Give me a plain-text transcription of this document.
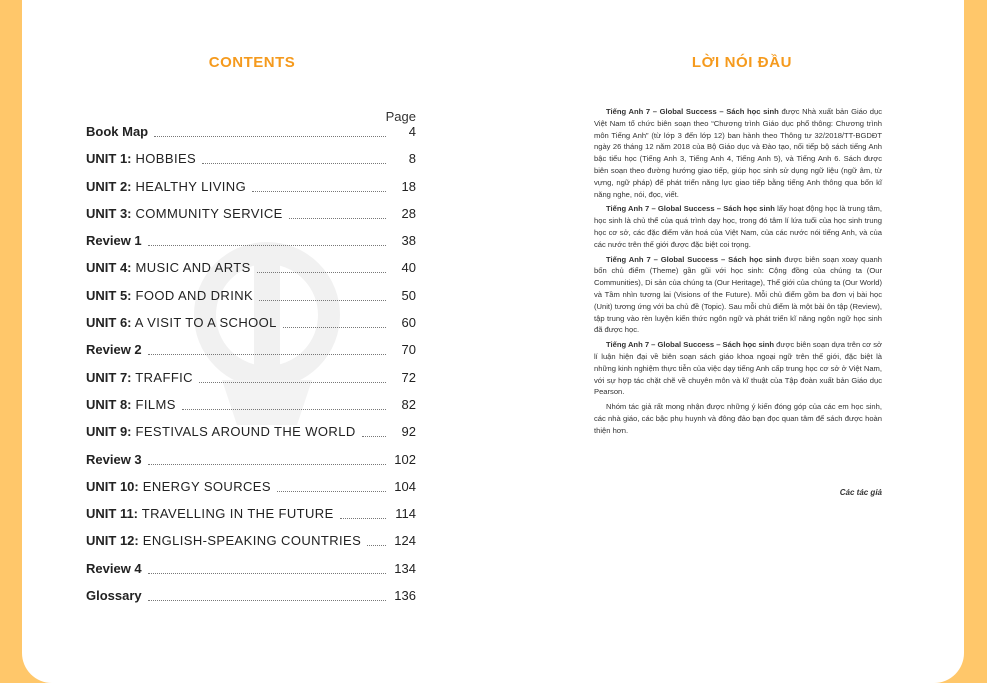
CONTENTS
Page
Book Map	4
UNIT 1: HOBBIES	8
UNIT 2: HEALTHY LIVING	18
UNIT 3: COMMUNITY SERVICE	28
Review 1	38
UNIT 4: MUSIC AND ARTS	40
UNIT 5: FOOD AND DRINK	50
UNIT 6: A VISIT TO A SCHOOL	60
Review 2	70
UNIT 7: TRAFFIC	72
UNIT 8: FILMS	82
UNIT 9: FESTIVALS AROUND THE WORLD	92
Review 3	102
UNIT 10: ENERGY SOURCES	104
UNIT 11: TRAVELLING IN THE FUTURE	114
UNIT 12: ENGLISH-SPEAKING COUNTRIES	124
Review 4	134
Glossary	136
LỜI NÓI ĐẦU

Tiếng Anh 7 – Global Success – Sách học sinh được Nhà xuất bản Giáo dục Việt Nam tổ chức biên soạn theo “Chương trình Giáo dục phổ thông: Chương trình môn Tiếng Anh” (từ lớp 3 đến lớp 12) ban hành theo Thông tư 32/2018/TT-BGDĐT ngày 26 tháng 12 năm 2018 của Bộ Giáo dục và Đào tạo, nối tiếp bộ sách tiếng Anh bậc tiểu học (Tiếng Anh 3, Tiếng Anh 4, Tiếng Anh 5), và Tiếng Anh 6. Sách được biên soạn theo đường hướng giao tiếp, giúp học sinh sử dụng ngữ liệu (ngữ âm, từ vựng, ngữ pháp) để phát triển năng lực giao tiếp bằng tiếng Anh thông qua bốn kĩ năng nghe, nói, đọc, viết.

Tiếng Anh 7 – Global Success – Sách học sinh lấy hoạt động học là trung tâm, học sinh là chủ thể của quá trình dạy học, trong đó tâm lí lứa tuổi của học sinh trung học cơ sở, các đặc điểm văn hoá của Việt Nam, của các nước nói tiếng Anh, và của các nước trên thế giới được đặc biệt coi trọng.

Tiếng Anh 7 – Global Success – Sách học sinh được biên soạn xoay quanh bốn chủ điểm (Theme) gần gũi với học sinh: Cộng đồng của chúng ta (Our Communities), Di sản của chúng ta (Our Heritage), Thế giới của chúng ta (Our World) và Tầm nhìn tương lai (Visions of the Future). Mỗi chủ điểm gồm ba đơn vị bài học (Unit) tương ứng với ba chủ đề (Topic). Sau mỗi chủ điểm là một bài ôn tập (Review), tập trung vào rèn luyện kiến thức ngôn ngữ và phát triển kĩ năng ngôn ngữ học sinh đã được học.

Tiếng Anh 7 – Global Success – Sách học sinh được biên soạn dựa trên cơ sở lí luận hiện đại về biên soạn sách giáo khoa ngoại ngữ trên thế giới, đặc biệt là những kinh nghiệm thực tiễn của việc dạy tiếng Anh cấp trung học cơ sở ở Việt Nam, với sự hợp tác chặt chẽ về chuyên môn và kĩ thuật của Tập đoàn xuất bản Giáo dục Pearson.

Nhóm tác giả rất mong nhận được những ý kiến đóng góp của các em học sinh, các nhà giáo, các bậc phụ huynh và đông đảo bạn đọc quan tâm để sách được hoàn thiện hơn.

Các tác giả
